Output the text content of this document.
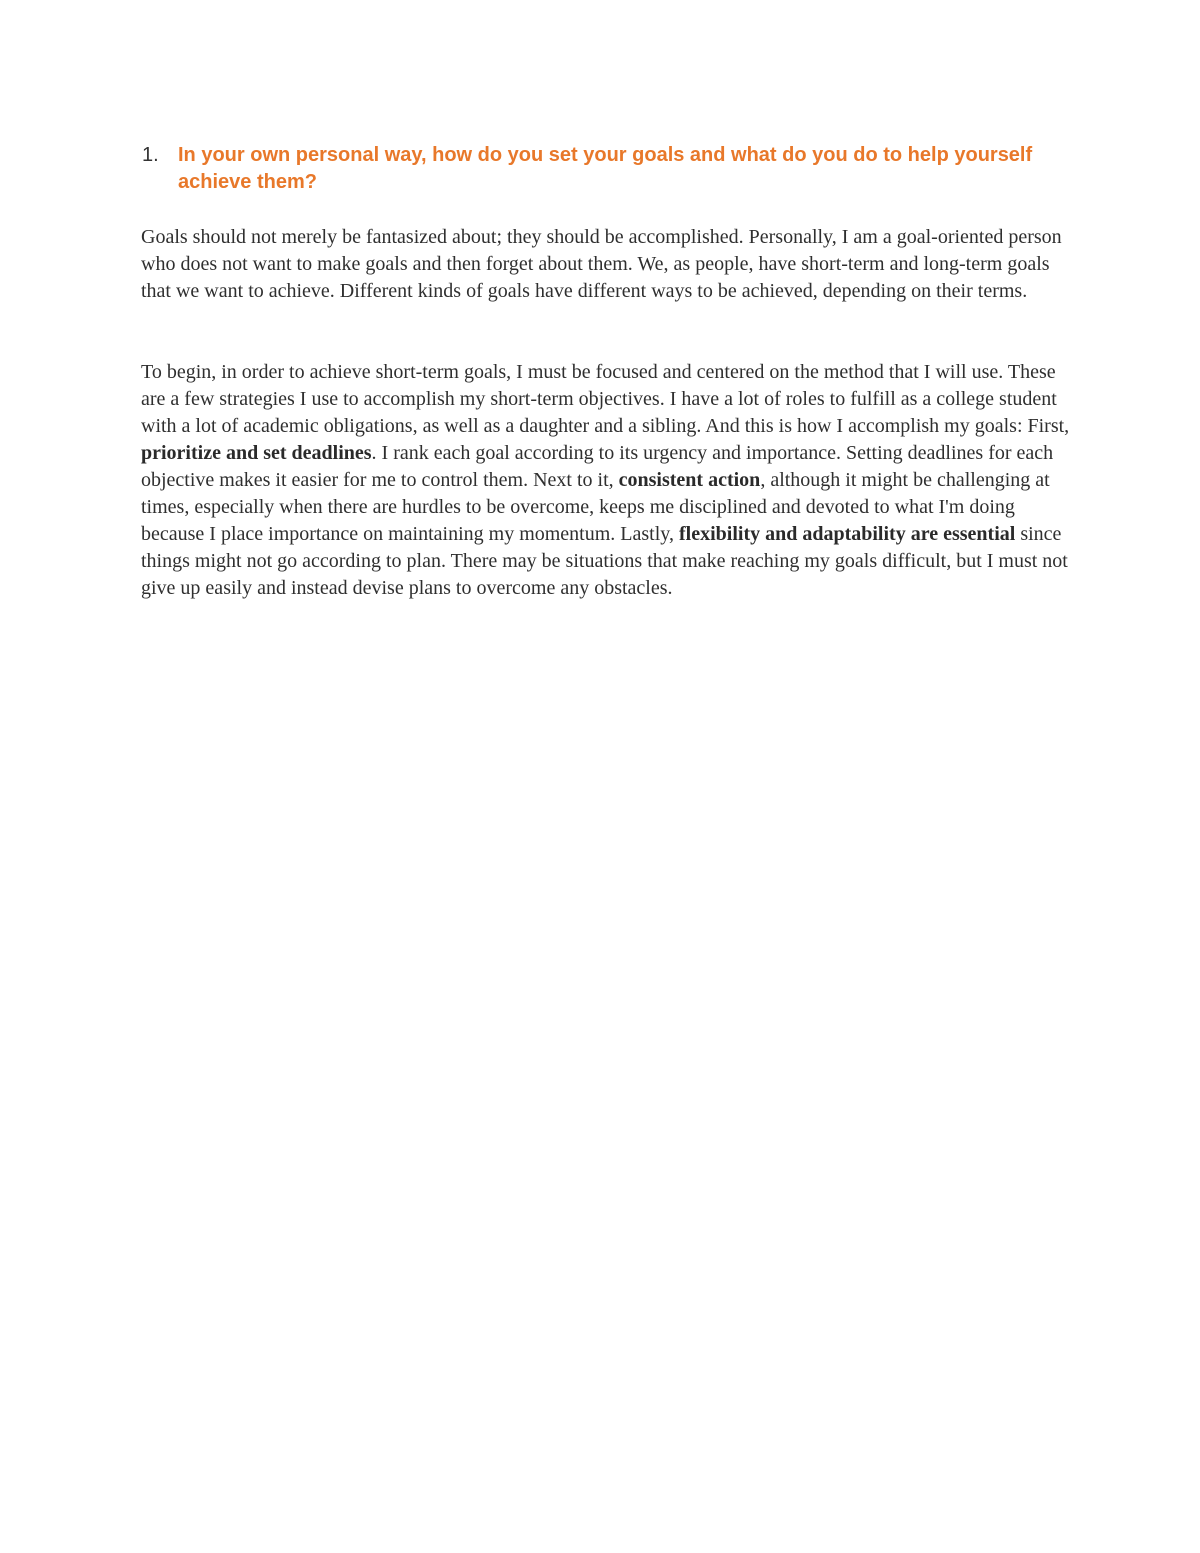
1. In your own personal way, how do you set your goals and what do you do to help yourself achieve them?

Goals should not merely be fantasized about; they should be accomplished. Personally, I am a goal-oriented person who does not want to make goals and then forget about them. We, as people, have short-term and long-term goals that we want to achieve. Different kinds of goals have different ways to be achieved, depending on their terms.

To begin, in order to achieve short-term goals, I must be focused and centered on the method that I will use. These are a few strategies I use to accomplish my short-term objectives. I have a lot of roles to fulfill as a college student with a lot of academic obligations, as well as a daughter and a sibling. And this is how I accomplish my goals: First, prioritize and set deadlines. I rank each goal according to its urgency and importance. Setting deadlines for each objective makes it easier for me to control them. Next to it, consistent action, although it might be challenging at times, especially when there are hurdles to be overcome, keeps me disciplined and devoted to what I'm doing because I place importance on maintaining my momentum. Lastly, flexibility and adaptability are essential since things might not go according to plan. There may be situations that make reaching my goals difficult, but I must not give up easily and instead devise plans to overcome any obstacles.
